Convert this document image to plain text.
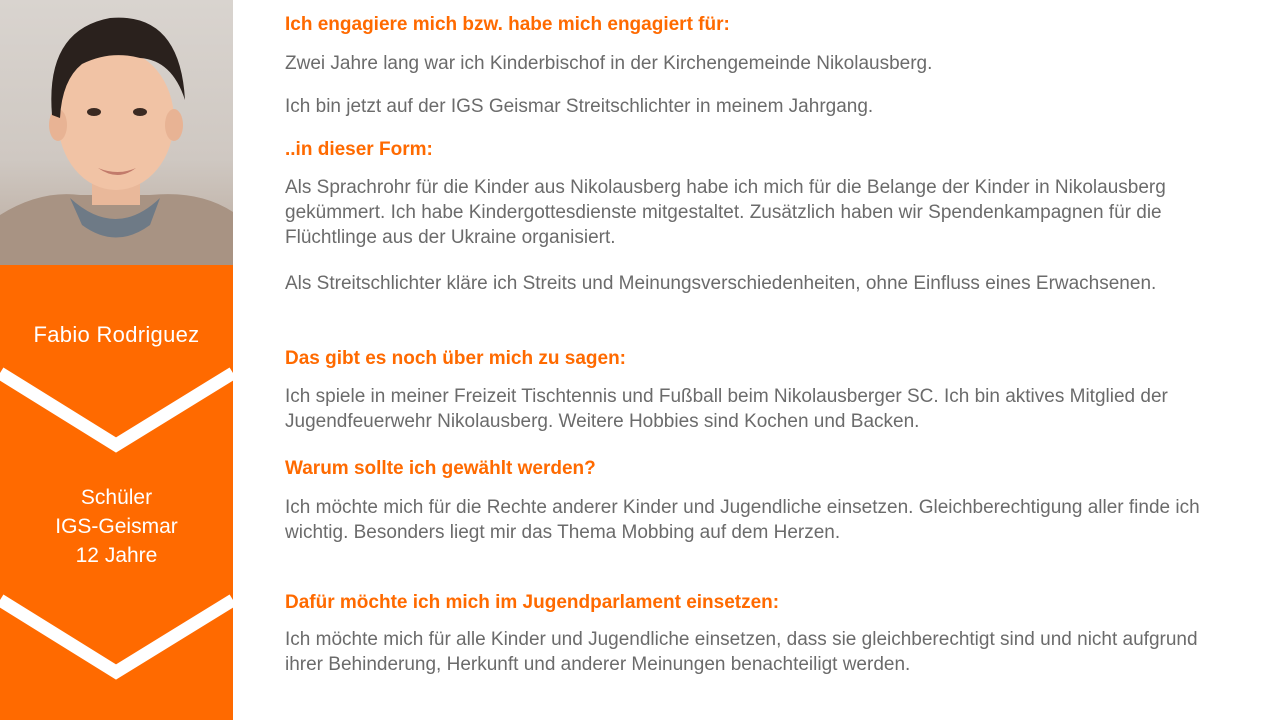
Fabio Rodriguez
Schüler
IGS-Geismar
12 Jahre
Ich engagiere mich bzw. habe mich engagiert für:

Zwei Jahre lang war ich Kinderbischof in der Kirchengemeinde Nikolausberg.

Ich bin jetzt auf der IGS Geismar Streitschlichter in meinem Jahrgang.

..in dieser Form:

Als Sprachrohr für die Kinder aus Nikolausberg habe ich mich für die Belange der Kinder in Nikolausberg gekümmert. Ich habe Kindergottesdienste mitgestaltet. Zusätzlich haben wir Spendenkampagnen für die Flüchtlinge aus der Ukraine organisiert.

Als Streitschlichter kläre ich Streits und Meinungsverschiedenheiten, ohne Einfluss eines Erwachsenen.

Das gibt es noch über mich zu sagen:

Ich spiele in meiner Freizeit Tischtennis und Fußball beim Nikolausberger SC. Ich bin aktives Mitglied der Jugendfeuerwehr Nikolausberg. Weitere Hobbies sind Kochen und Backen.

Warum sollte ich gewählt werden?

Ich möchte mich für die Rechte anderer Kinder und Jugendliche einsetzen. Gleichberechtigung aller finde ich wichtig. Besonders liegt mir das Thema Mobbing auf dem Herzen.

Dafür möchte ich mich im Jugendparlament einsetzen:

Ich möchte mich für alle Kinder und Jugendliche einsetzen, dass sie gleichberechtigt sind und nicht aufgrund ihrer Behinderung, Herkunft und anderer Meinungen benachteiligt werden.
